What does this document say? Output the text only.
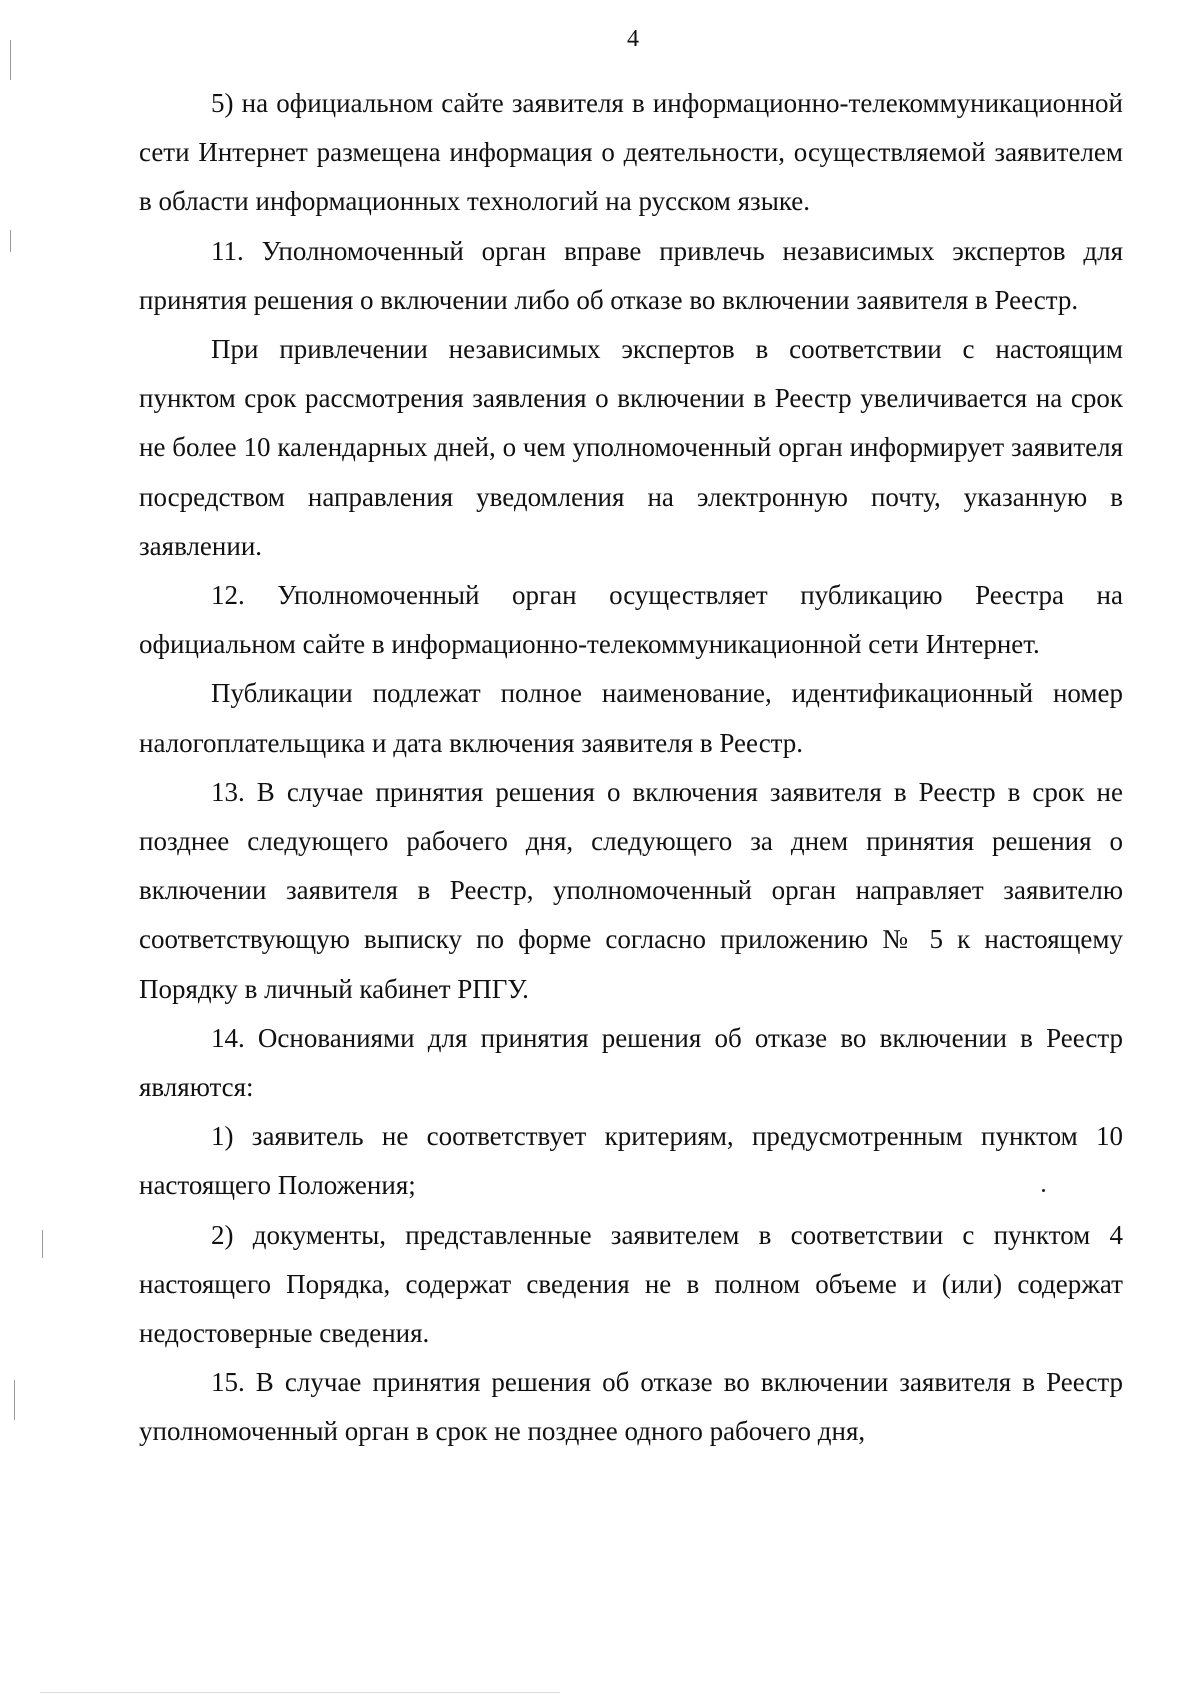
4

5) на официальном сайте заявителя в информационно-телекоммуникационной сети Интернет размещена информация о деятельности, осуществляемой заявителем в области информационных технологий на русском языке.

11. Уполномоченный орган вправе привлечь независимых экспертов для принятия решения о включении либо об отказе во включении заявителя в Реестр.

При привлечении независимых экспертов в соответствии с настоящим пунктом срок рассмотрения заявления о включении в Реестр увеличивается на срок не более 10 календарных дней, о чем уполномоченный орган информирует заявителя посредством направления уведомления на электронную почту, указанную в заявлении.

12. Уполномоченный орган осуществляет публикацию Реестра на официальном сайте в информационно-телекоммуникационной сети Интернет.

Публикации подлежат полное наименование, идентификационный номер налогоплательщика и дата включения заявителя в Реестр.

13. В случае принятия решения о включения заявителя в Реестр в срок не позднее следующего рабочего дня, следующего за днем принятия решения о включении заявителя в Реестр, уполномоченный орган направляет заявителю соответствующую выписку по форме согласно приложению № 5 к настоящему Порядку в личный кабинет РПГУ.

14. Основаниями для принятия решения об отказе во включении в Реестр являются:

1) заявитель не соответствует критериям, предусмотренным пунктом 10 настоящего Положения;

2) документы, представленные заявителем в соответствии с пунктом 4 настоящего Порядка, содержат сведения не в полном объеме и (или) содержат недостоверные сведения.

15. В случае принятия решения об отказе во включении заявителя в Реестр уполномоченный орган в срок не позднее одного рабочего дня,
